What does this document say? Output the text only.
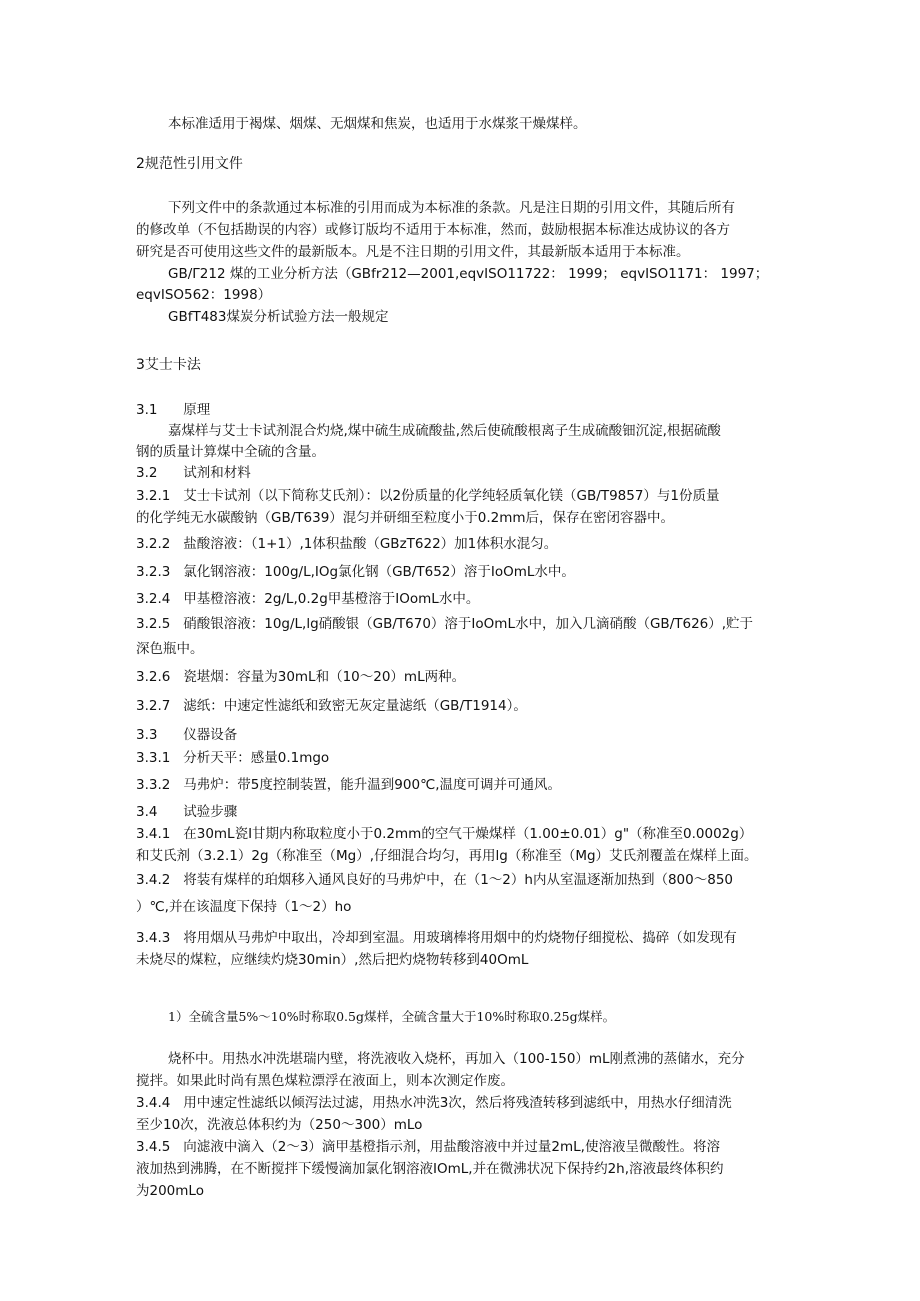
本标准适用于褐煤、烟煤、无烟煤和焦炭，也适用于水煤浆干燥煤样。
2规范性引用文件
下列文件中的条款通过本标准的引用而成为本标准的条款。凡是注日期的引用文件，其随后所有
的修改单（不包括勘误的内容）或修订版均不适用于本标准，然而，鼓励根据本标准达成协议的各方
研究是否可使用这些文件的最新版本。凡是不注日期的引用文件，其最新版本适用于本标准。
GB/Γ212 煤的工业分析方法（GBfr212—2001,eqvISO11722： 1999； eqvISO1171： 1997；
eqvISO562：1998）
GBfT483煤炭分析试验方法一般规定
3艾士卡法
3.1      原理
嘉煤样与艾士卡试剂混合灼烧,煤中硫生成硫酸盐,然后使硫酸根离子生成硫酸钿沉淀,根据硫酸
钢的质量计算煤中全硫的含量。
3.2      试剂和材料
3.2.1   艾士卡试剂（以下简称艾氏剂）：以2份质量的化学纯轻质氧化镁（GB/T9857）与1份质量
的化学纯无水碳酸钠（GB/T639）混匀并研细至粒度小于0.2mm后，保存在密闭容器中。
3.2.2   盐酸溶液：（1+1）,1体积盐酸（GBzT622）加1体积水混匀。
3.2.3   氯化钢溶液：100g∕L,IOg氯化钢（GB/T652）溶于IoOmL水中。
3.2.4   甲基橙溶液：2g∕L,0.2g甲基橙溶于IOomL水中。
3.2.5   硝酸银溶液：10g∕L,lg硝酸银（GB/T670）溶于IoOmL水中，加入几滴硝酸（GB/T626）,贮于
深色瓶中。
3.2.6   瓷堪烟：容量为30mL和（10～20）mL两种。
3.2.7   滤纸：中速定性滤纸和致密无灰定量滤纸（GB/T1914）。
3.3      仪器设备
3.3.1   分析天平：感量0.1mgo
3.3.2   马弗炉：带5度控制装置，能升温到900℃,温度可调并可通风。
3.4      试验步骤
3.4.1   在30mL瓷I甘期内称取粒度小于0.2mm的空气干燥煤样（1.00±0.01）g"（称准至0.0002g）
和艾氏剂（3.2.1）2g（称准至（Mg）,仔细混合均匀，再用lg（称准至（Mg）艾氏剂覆盖在煤样上面。
3.4.2   将装有煤样的珀烟移入通风良好的马弗炉中，在（1～2）h内从室温逐渐加热到（800～850
）℃,并在该温度下保持（1～2）ho
3.4.3   将用烟从马弗炉中取出，冷却到室温。用玻璃棒将用烟中的灼烧物仔细搅松、捣碎（如发现有
未烧尽的煤粒，应继续灼烧30min）,然后把灼烧物转移到40OmL
1）全硫含量5%～10%时称取0.5g煤样，全硫含量大于10%时称取0.25g煤样。
烧杯中。用热水冲洗堪瑞内壁，将洗液收入烧杯，再加入（100-150）mL刚煮沸的蒸储水，充分
搅拌。如果此时尚有黑色煤粒漂浮在液面上，则本次测定作废。
3.4.4   用中速定性滤纸以倾泻法过滤，用热水冲洗3次，然后将残渣转移到滤纸中，用热水仔细清洗
至少10次，洗液总体积约为（250～300）mLo
3.4.5   向滤液中滴入（2～3）滴甲基橙指示剂，用盐酸溶液中并过量2mL,使溶液呈微酸性。将溶
液加热到沸腾，在不断搅拌下缓慢滴加氯化钢溶液IOmL,并在微沸状况下保持约2h,溶液最终体积约
为200mLo
